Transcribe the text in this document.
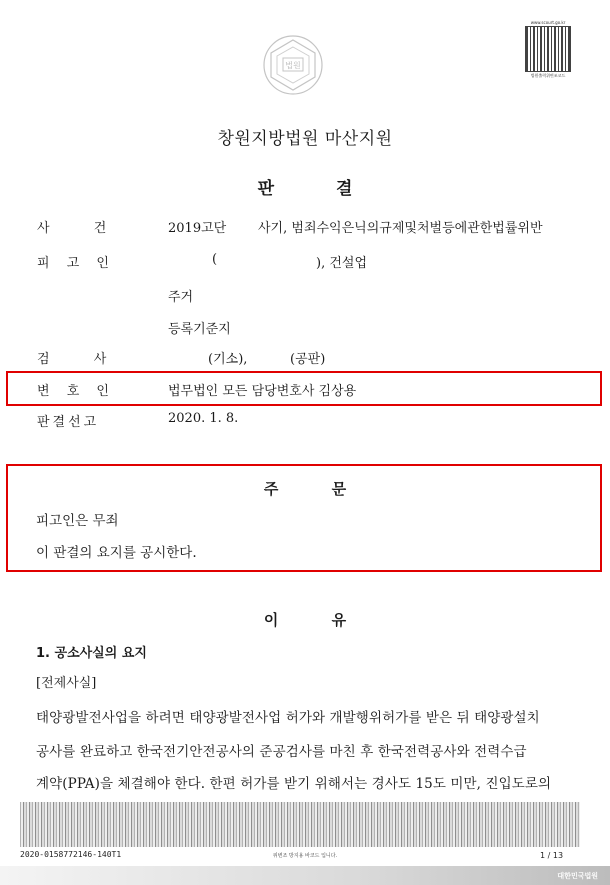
법원
www.scourt.go.kr
법원출력위변조코드
창원지방법원 마산지원
판 결
사 건	2019고단 사기, 범죄수익은닉의규제및처벌등에관한법률위반
피 고 인	(	), 건설업
주거
등록기준지
검 사	(기소),	(공판)
변 호 인	법무법인 모든 담당변호사 김상용
판결선고	2020. 1. 8.
주 문
피고인은 무죄
이 판결의 요지를 공시한다.
이 유
1. 공소사실의 요지
[전제사실]
태양광발전사업을 하려면 태양광발전사업 허가와 개발행위허가를 받은 뒤 태양광설치
공사를 완료하고 한국전기안전공사의 준공검사를 마친 후 한국전력공사와 전력수급
계약(PPA)을 체결해야 한다. 한편 허가를 받기 위해서는 경사도 15도 미만, 진입도로의
2020-0158772146-140T1	위변조 방지용 바코드 입니다.	1 / 13
대한민국법원
